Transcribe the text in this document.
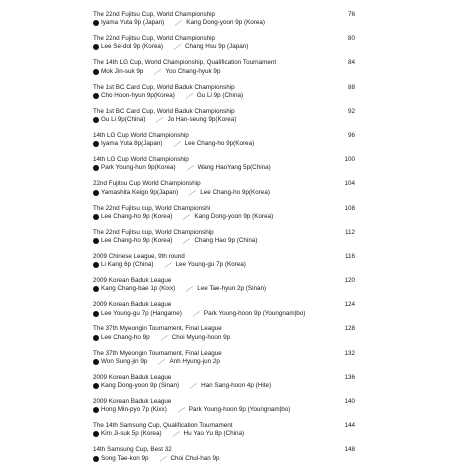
The 22nd Fujitsu Cup, World Championship	76
Iyama Yuta 9p (Japan)	Kang Dong-yoon 9p (Korea)
The 22nd Fujitsu Cup, World Championship	80
Lee Se-dol 9p (Korea)	Chang Hsu 9p (Japan)
The 14th LG Cup, World Championship, Qualification Tournament	84
Mok Jin-suk 9p	Yoo Chang-hyuk 9p
The 1st BC Card Cup, World Baduk Championship	88
Cho Hoon-hyun 9p(Korea)	Gu Li 9p (China)
The 1st BC Card Cup, World Baduk Championship	92
Gu Li 9p(China)	Jo Han-seung 9p(Korea)
14th LG Cup World Championship	96
Iyama Yuta 8p(Japan)	Lee Chang-ho 9p(Korea)
14th LG Cup World Championship	100
Park Young-hun 9p(Korea)	Wang HaoYang 5p(China)
22nd Fujitsu Cup World Championship	104
Yamashita Keigo 9p(Japan)	Lee Chang-ho 9p(Korea)
The 22nd Fujitsu cup, World Championshi	108
Lee Chang-ho 9p (Korea)	Kang Dong-yoon 9p (Korea)
The 22nd Fujitsu cup, World Championship	112
Lee Chang-ho 9p (Korea)	Chang Hao 9p (China)
2009 Chinese League, 9th round	116
Li Kang 6p (China)	Lee Young-gu 7p (Korea)
2009 Korean Baduk League	120
Kang Chang-bae 1p (Kixx)	Lee Tae-hyun 2p (Sinan)
2009 Korean Baduk League	124
Lee Young-gu 7p (Hangame)	Park Young-hoon 9p (Youngnam|bo)
The 37th Myeongin Tournament, Final League	128
Lee Chang-ho 9p	Choi Myung-hoon 9p
The 37th Myeongin Tournament, Final League	132
Won Sung-jin 9p	Anh Hyung-jun 2p
2009 Korean Baduk League	136
Kang Dong-yoon 9p (Sinan)	Han Sang-hoon 4p (Hite)
2009 Korean Baduk League	140
Hong Min-pyo 7p (Kixx)	Park Young-hoon 9p (Youngnam|bo)
The 14th Samsung Cup, Qualification Tournament	144
Kim Ji-suk 5p (Korea)	Hu Yao Yu 8p (China)
14th Samsung Cup, Best 32	148
Song Tae-kon 9p	Choi Chul-han 9p
